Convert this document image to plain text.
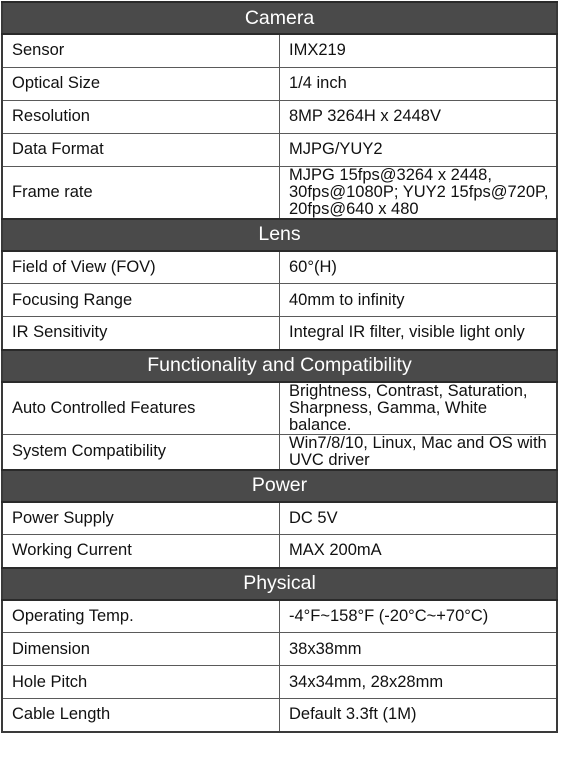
Camera	
Sensor	IMX219
Optical Size	1/4 inch
Resolution	8MP 3264H x 2448V
Data Format	MJPG/YUY2
Frame rate	MJPG 15fps@3264 x 2448,
30fps@1080P; YUY2 15fps@720P,
20fps@640 x 480
Lens	
Field of View (FOV)	60°(H)
Focusing Range	40mm to infinity
IR Sensitivity	Integral IR filter, visible light only
Functionality and Compatibility	
Auto Controlled Features	Brightness, Contrast, Saturation,
Sharpness, Gamma, White balance.
System Compatibility	Win7/8/10, Linux, Mac and OS with
UVC driver
Power	
Power Supply	DC 5V
Working Current	MAX 200mA
Physical	
Operating Temp.	-4°F~158°F (-20°C~+70°C)
Dimension	38x38mm
Hole Pitch	34x34mm, 28x28mm
Cable Length	Default 3.3ft (1M)
